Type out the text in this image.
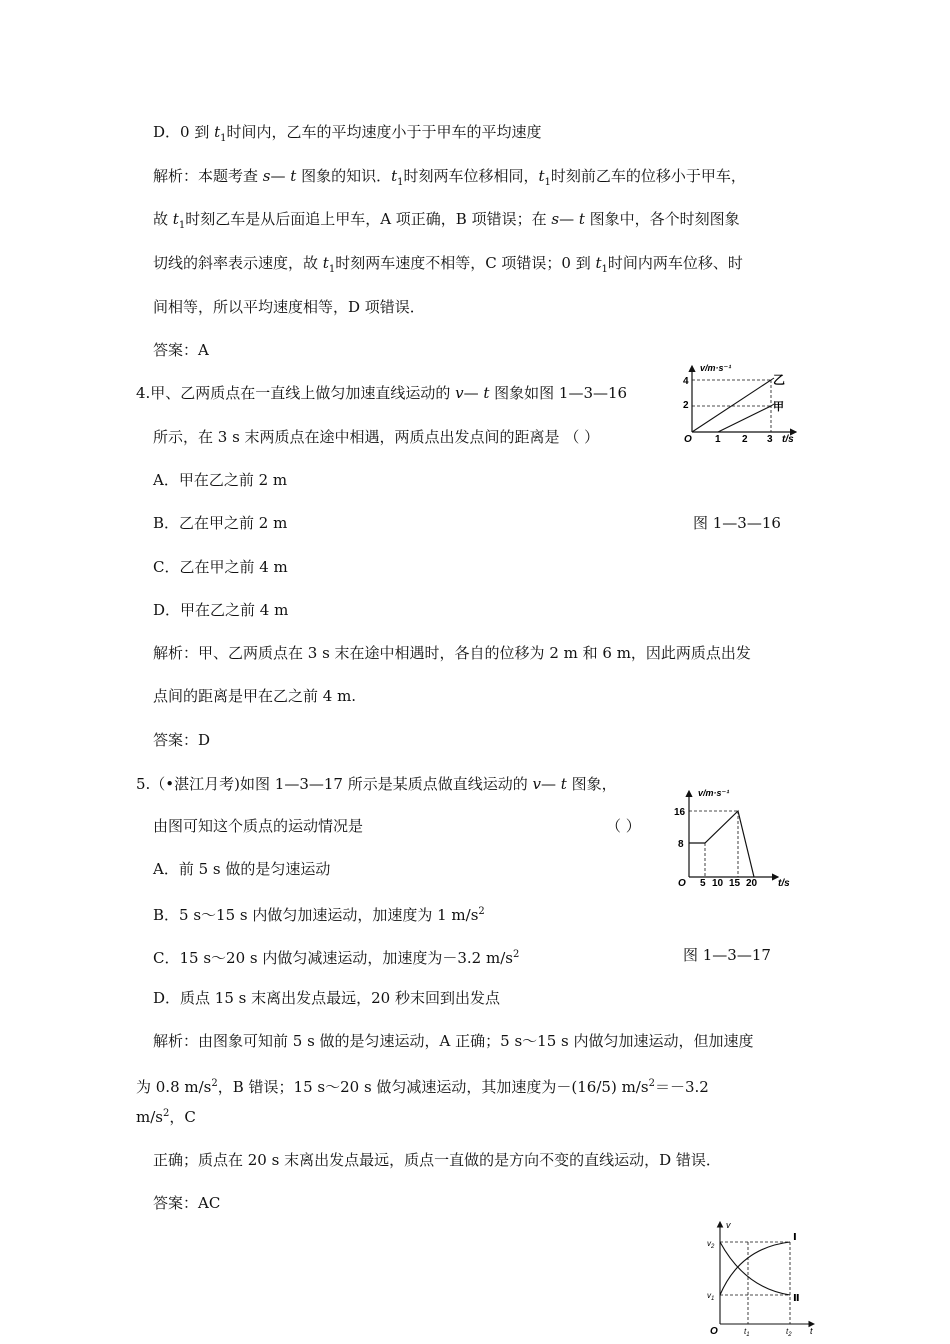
D．0 到 $t_1$时间内，乙车的平均速度小于于甲车的平均速度
解析：本题考查 s— t 图象的知识．$t_1$时刻两车位移相同，$t_1$时刻前乙车的位移小于甲车，
故 $t_1$时刻乙车是从后面追上甲车，A 项正确，B 项错误；在 s— t 图象中，各个时刻图象
切线的斜率表示速度，故 $t_1$时刻两车速度不相等，C 项错误；0 到 $t_1$时间内两车位移、时
间相等，所以平均速度相等，D 项错误．
答案：A
4.甲、乙两质点在一直线上做匀加速直线运动的 v— t 图象如图 1—3—16
所示，在 3 s 末两质点在途中相遇，两质点出发点间的距离是 （ ）
A．甲在乙之前 2 m
B．乙在甲之前 2 m	图 1—3—16
C．乙在甲之前 4 m
D．甲在乙之前 4 m
解析：甲、乙两质点在 3 s 末在途中相遇时，各自的位移为 2 m 和 6 m，因此两质点出发
点间的距离是甲在乙之前 4 m.
答案：D
v/m·s⁻¹
t/s
O
4
2
1 2 3
乙
甲
5.（•湛江月考)如图 1—3—17 所示是某质点做直线运动的 v— t 图象，
由图可知这个质点的运动情况是	（ ）
A．前 5 s 做的是匀速运动
B．5 s～15 s 内做匀加速运动，加速度为 1 $m/s^2$
C．15 s～20 s 内做匀减速运动，加速度为－3.2 $m/s^2$	图 1—3—17
D．质点 15 s 末离出发点最远，20 秒末回到出发点
解析：由图象可知前 5 s 做的是匀速运动，A 正确；5 s～15 s 内做匀加速运动，但加速度
为 0.8 $m/s^2$，B 错误；15 s～20 s 做匀减速运动，其加速度为－(16/5) $m/s^2=-3.2$
$m/s^2$，C
正确；质点在 20 s 末离出发点最远，质点一直做的是方向不变的直线运动，D 错误．
答案：AC
v/m·s⁻¹
t/s
O
16
8
5 10 15 20
v
t
O
$v_2$
$v_1$
$t_1$	$t_2$
Ⅰ
Ⅱ
